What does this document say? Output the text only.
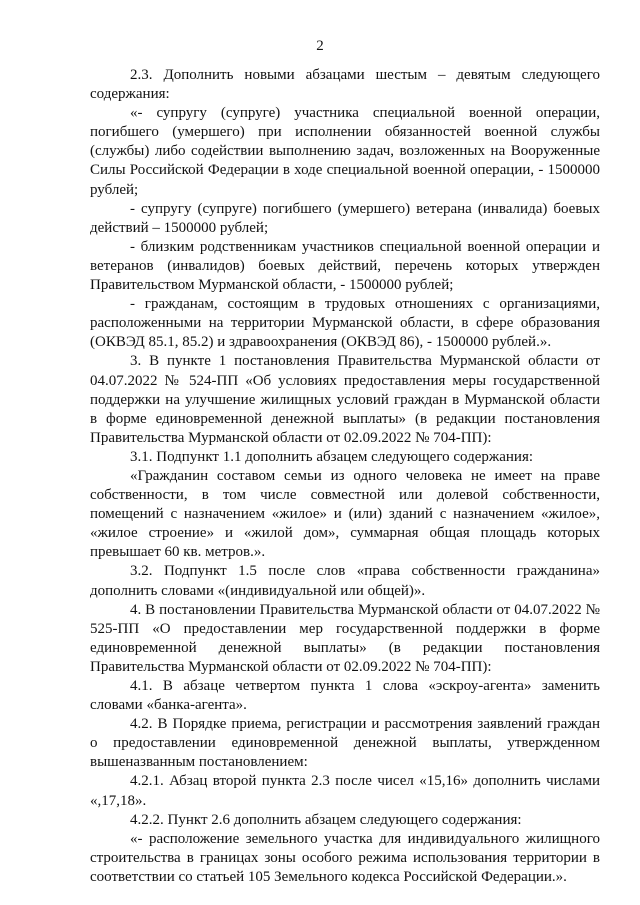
2

2.3. Дополнить новыми абзацами шестым – девятым следующего содержания:

«- супругу (супруге) участника специальной военной операции, погибшего (умершего) при исполнении обязанностей военной службы (службы) либо содействии выполнению задач, возложенных на Вооруженные Силы Российской Федерации в ходе специальной военной операции, - 1500000 рублей;

- супругу (супруге) погибшего (умершего) ветерана (инвалида) боевых действий – 1500000 рублей;

- близким родственникам участников специальной военной операции и ветеранов (инвалидов) боевых действий, перечень которых утвержден Правительством Мурманской области, - 1500000 рублей;

- гражданам, состоящим в трудовых отношениях с организациями, расположенными на территории Мурманской области, в сфере образования (ОКВЭД 85.1, 85.2) и здравоохранения (ОКВЭД 86), - 1500000 рублей.».

3. В пункте 1 постановления Правительства Мурманской области от 04.07.2022 № 524-ПП «Об условиях предоставления меры государственной поддержки на улучшение жилищных условий граждан в Мурманской области в форме единовременной денежной выплаты» (в редакции постановления Правительства Мурманской области от 02.09.2022 № 704-ПП):

3.1. Подпункт 1.1 дополнить абзацем следующего содержания:

«Гражданин составом семьи из одного человека не имеет на праве собственности, в том числе совместной или долевой собственности, помещений с назначением «жилое» и (или) зданий с назначением «жилое», «жилое строение» и «жилой дом», суммарная общая площадь которых превышает 60 кв. метров.».

3.2. Подпункт 1.5 после слов «права собственности гражданина» дополнить словами «(индивидуальной или общей)».

4. В постановлении Правительства Мурманской области от 04.07.2022 № 525-ПП «О предоставлении мер государственной поддержки в форме единовременной денежной выплаты» (в редакции постановления Правительства Мурманской области от 02.09.2022 № 704-ПП):

4.1. В абзаце четвертом пункта 1 слова «эскроу-агента» заменить словами «банка-агента».

4.2. В Порядке приема, регистрации и рассмотрения заявлений граждан о предоставлении единовременной денежной выплаты, утвержденном вышеназванным постановлением:

4.2.1. Абзац второй пункта 2.3 после чисел «15,16» дополнить числами «,17,18».

4.2.2. Пункт 2.6 дополнить абзацем следующего содержания:

«- расположение земельного участка для индивидуального жилищного строительства в границах зоны особого режима использования территории в соответствии со статьей 105 Земельного кодекса Российской Федерации.».
